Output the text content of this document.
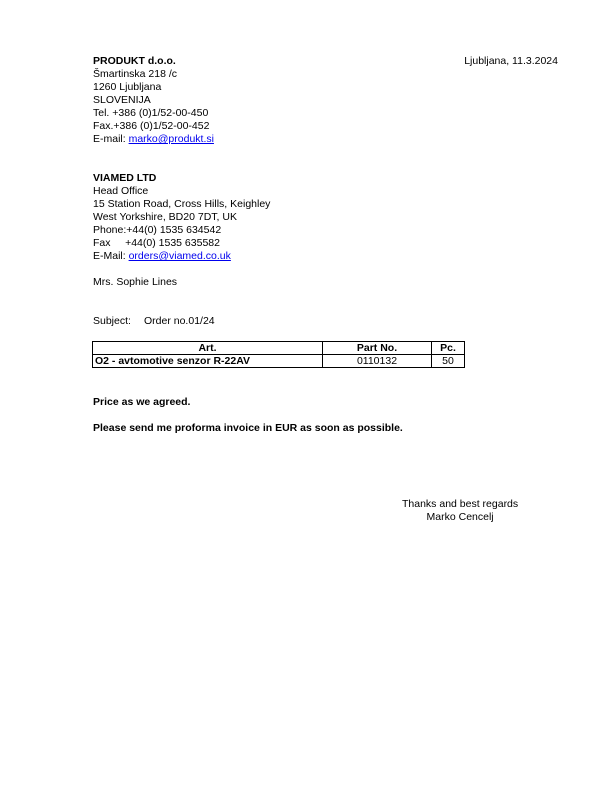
PRODUKT d.o.o.
Šmartinska 218 /c
1260 Ljubljana
SLOVENIJA
Tel. +386 (0)1/52-00-450
Fax.+386 (0)1/52-00-452
E-mail: marko@produkt.si
Ljubljana, 11.3.2024
VIAMED LTD
Head Office
15 Station Road, Cross Hills, Keighley
West Yorkshire, BD20 7DT, UK
Phone:+44(0) 1535 634542
Fax     +44(0) 1535 635582
E-Mail: orders@viamed.co.uk
Mrs. Sophie Lines
Subject: Order no.01/24
Art.	Part No.	Pc.
O2 - avtomotive senzor R-22AV	0110132	50
Price as we agreed.
Please send me proforma invoice in EUR as soon as possible.
Thanks and best regards
Marko Cencelj
